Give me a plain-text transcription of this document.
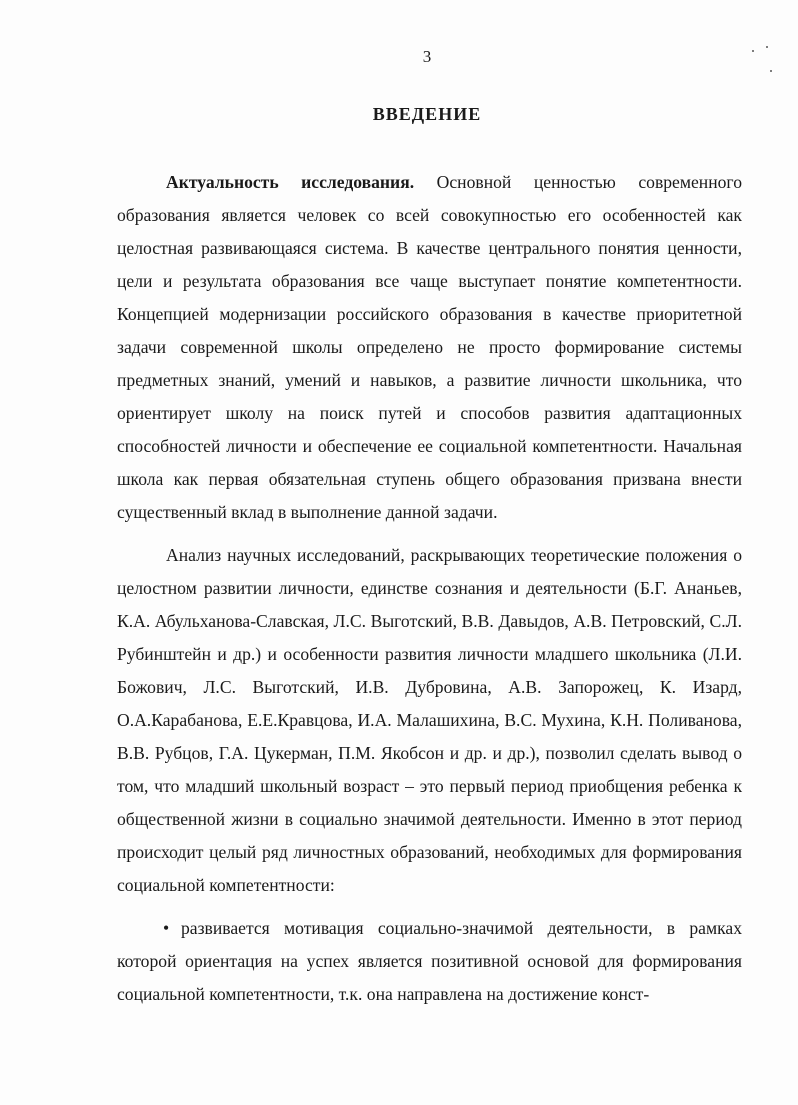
3
ВВЕДЕНИЕ

Актуальность исследования. Основной ценностью современного образования является человек со всей совокупностью его особенностей как целостная развивающаяся система. В качестве центрального понятия ценности, цели и результата образования все чаще выступает понятие компетентности. Концепцией модернизации российского образования в качестве приоритетной задачи современной школы определено не просто формирование системы предметных знаний, умений и навыков, а развитие личности школьника, что ориентирует школу на поиск путей и способов развития адаптационных способностей личности и обеспечение ее социальной компетентности. Начальная школа как первая обязательная ступень общего образования призвана внести существенный вклад в выполнение данной задачи.

Анализ научных исследований, раскрывающих теоретические положения о целостном развитии личности, единстве сознания и деятельности (Б.Г. Ананьев, К.А. Абульханова-Славская, Л.С. Выготский, В.В. Давыдов, А.В. Петровский, С.Л. Рубинштейн и др.) и особенности развития личности младшего школьника (Л.И. Божович, Л.С. Выготский, И.В. Дубровина, А.В. Запорожец, К. Изард, О.А.Карабанова, Е.Е.Кравцова, И.А. Малашихина, В.С. Мухина, К.Н. Поливанова, В.В. Рубцов, Г.А. Цукерман, П.М. Якобсон и др. и др.), позволил сделать вывод о том, что младший школьный возраст – это первый период приобщения ребенка к общественной жизни в социально значимой деятельности. Именно в этот период происходит целый ряд личностных образований, необходимых для формирования социальной компетентности:

• развивается мотивация социально-значимой деятельности, в рамках которой ориентация на успех является позитивной основой для формирования социальной компетентности, т.к. она направлена на достижение конст-
